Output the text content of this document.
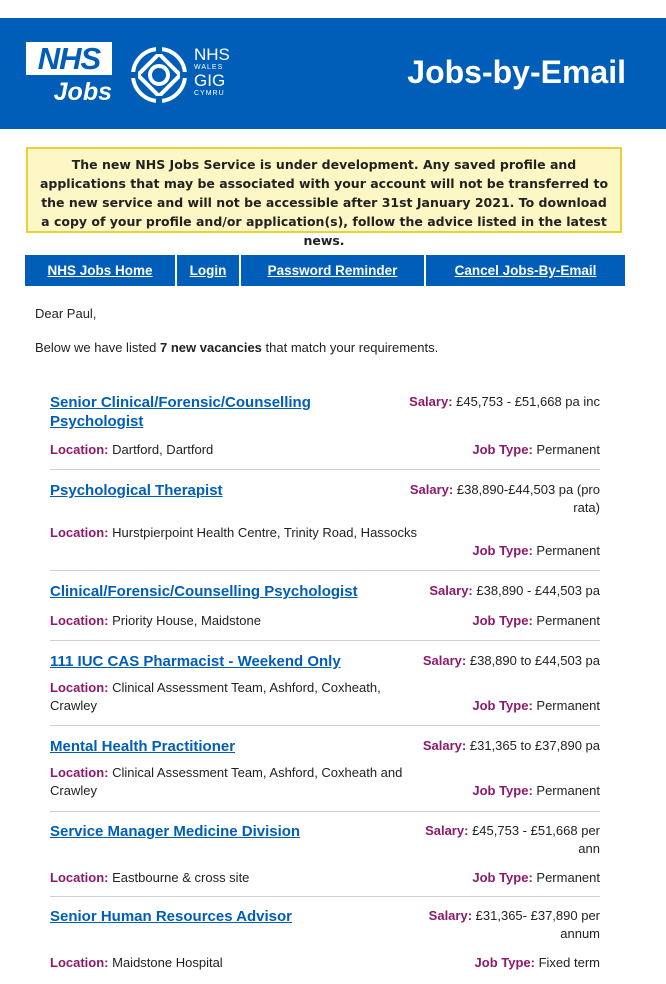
NHS
Jobs
NHS
WALES
GIG
CYMRU
Jobs-by-Email
The new NHS Jobs Service is under development. Any saved profile and applications that may be associated with your account will not be transferred to the new service and will not be accessible after 31st January 2021. To download a copy of your profile and/or application(s), follow the advice listed in the latest news.
NHS Jobs Home	Login	Password Reminder	Cancel Jobs-By-Email
Dear Paul,
Below we have listed 7 new vacancies that match your requirements.
Senior Clinical/Forensic/Counselling Psychologist
Salary: £45,753 - £51,668 pa inc
Location: Dartford, Dartford	Job Type: Permanent
Psychological Therapist	Salary: £38,890-£44,503 pa (pro rata)
Location: Hurstpierpoint Health Centre, Trinity Road, Hassocks
Job Type: Permanent
Clinical/Forensic/Counselling Psychologist	Salary: £38,890 - £44,503 pa
Location: Priority House, Maidstone	Job Type: Permanent
111 IUC CAS Pharmacist - Weekend Only	Salary: £38,890 to £44,503 pa
Location: Clinical Assessment Team, Ashford, Coxheath, Crawley	Job Type: Permanent
Mental Health Practitioner	Salary: £31,365 to £37,890 pa
Location: Clinical Assessment Team, Ashford, Coxheath and Crawley	Job Type: Permanent
Service Manager Medicine Division	Salary: £45,753 - £51,668 per ann
Location: Eastbourne & cross site	Job Type: Permanent
Senior Human Resources Advisor	Salary: £31,365- £37,890 per annum
Location: Maidstone Hospital	Job Type: Fixed term
